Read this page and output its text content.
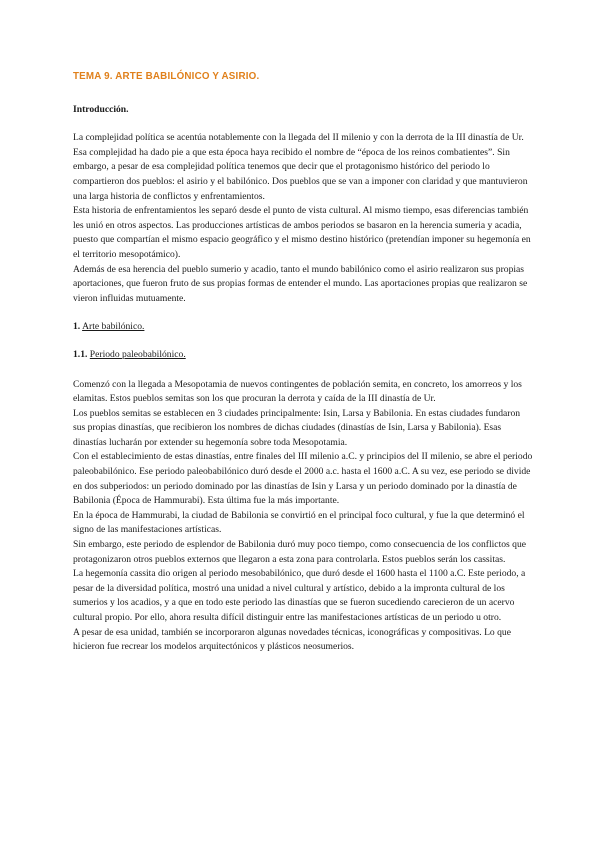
TEMA 9. ARTE BABILÓNICO Y ASIRIO.

Introducción.

La complejidad política se acentúa notablemente con la llegada del II milenio y con la derrota de la III dinastía de Ur. Esa complejidad ha dado pie a que esta época haya recibido el nombre de “época de los reinos combatientes”. Sin embargo, a pesar de esa complejidad política tenemos que decir que el protagonismo histórico del periodo lo compartieron dos pueblos: el asirio y el babilónico. Dos pueblos que se van a imponer con claridad y que mantuvieron una larga historia de conflictos y enfrentamientos.

Esta historia de enfrentamientos les separó desde el punto de vista cultural. Al mismo tiempo, esas diferencias también les unió en otros aspectos. Las producciones artísticas de ambos periodos se basaron en la herencia sumeria y acadia, puesto que compartían el mismo espacio geográfico y el mismo destino histórico (pretendían imponer su hegemonía en el territorio mesopotámico).

Además de esa herencia del pueblo sumerio y acadio, tanto el mundo babilónico como el asirio realizaron sus propias aportaciones, que fueron fruto de sus propias formas de entender el mundo. Las aportaciones propias que realizaron se vieron influidas mutuamente.

1. Arte babilónico.

1.1. Periodo paleobabilónico.

Comenzó con la llegada a Mesopotamia de nuevos contingentes de población semita, en concreto, los amorreos y los elamitas. Estos pueblos semitas son los que procuran la derrota y caída de la III dinastía de Ur.

Los pueblos semitas se establecen en 3 ciudades principalmente: Isin, Larsa y Babilonia. En estas ciudades fundaron sus propias dinastías, que recibieron los nombres de dichas ciudades (dinastías de Isin, Larsa y Babilonia). Esas dinastías lucharán por extender su hegemonía sobre toda Mesopotamia.

Con el establecimiento de estas dinastías, entre finales del III milenio a.C. y principios del II milenio, se abre el periodo paleobabilónico. Ese periodo paleobabilónico duró desde el 2000 a.c. hasta el 1600 a.C. A su vez, ese periodo se divide en dos subperiodos: un periodo dominado por las dinastías de Isin y Larsa y un periodo dominado por la dinastía de Babilonia (Época de Hammurabi). Esta última fue la más importante.

En la época de Hammurabi, la ciudad de Babilonia se convirtió en el principal foco cultural, y fue la que determinó el signo de las manifestaciones artísticas.

Sin embargo, este periodo de esplendor de Babilonia duró muy poco tiempo, como consecuencia de los conflictos que protagonizaron otros pueblos externos que llegaron a esta zona para controlarla. Estos pueblos serán los cassitas.

La hegemonía cassita dio origen al periodo mesobabilónico, que duró desde el 1600 hasta el 1100 a.C. Este periodo, a pesar de la diversidad política, mostró una unidad a nivel cultural y artístico, debido a la impronta cultural de los sumerios y los acadios, y a que en todo este periodo las dinastías que se fueron sucediendo carecieron de un acervo cultural propio. Por ello, ahora resulta difícil distinguir entre las manifestaciones artísticas de un periodo u otro.

A pesar de esa unidad, también se incorporaron algunas novedades técnicas, iconográficas y compositivas. Lo que hicieron fue recrear los modelos arquitectónicos y plásticos neosumerios.
